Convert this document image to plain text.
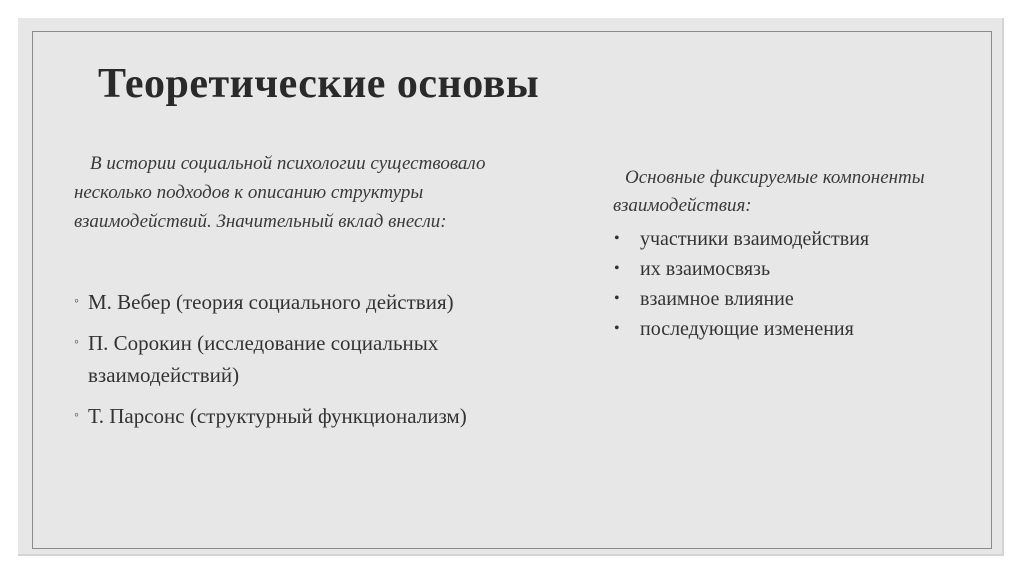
Теоретические основы

В истории социальной психологии существовало несколько подходов к описанию структуры взаимодействий. Значительный вклад внесли:

◦ М. Вебер (теория социального действия)
◦ П. Сорокин (исследование социальных взаимодействий)
◦ Т. Парсонс (структурный функционализм)

Основные фиксируемые компоненты взаимодействия:

• участники взаимодействия
• их взаимосвязь
• взаимное влияние
• последующие изменения
